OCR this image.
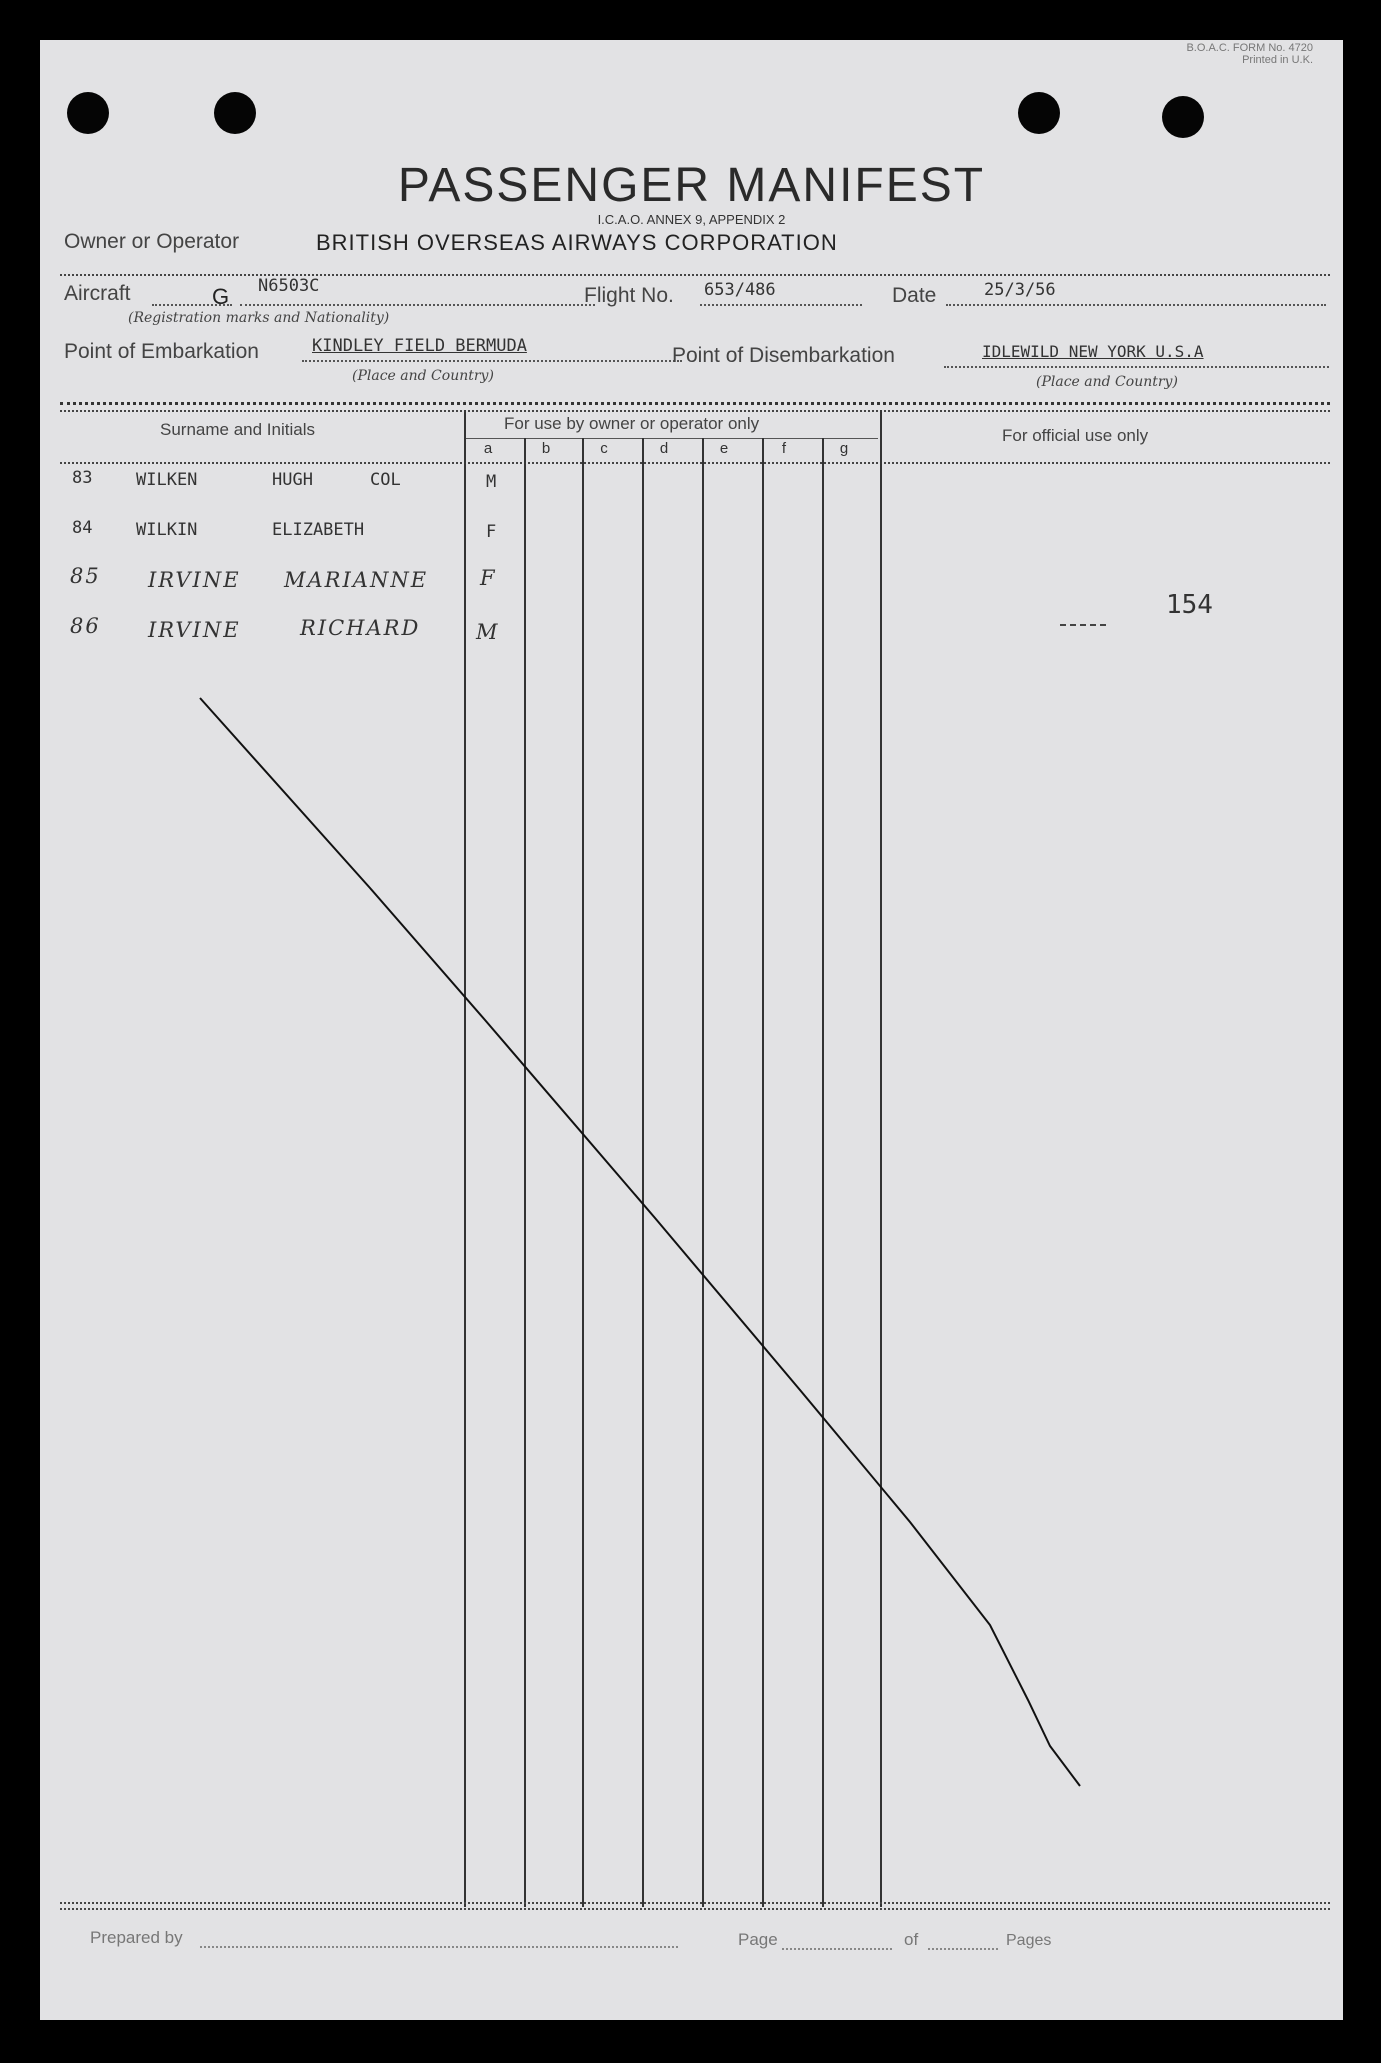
B.O.A.C. FORM No. 4720
Printed in U.K.
PASSENGER MANIFEST
I.C.A.O. ANNEX 9, APPENDIX 2
Owner or Operator	BRITISH OVERSEAS AIRWAYS CORPORATION
Aircraft	G N6503C
(Registration marks and Nationality)
Flight No. 653/486	Date	25/3/56
Point of Embarkation	KINDLEY FIELD BERMUDA
(Place and Country)
Point of Disembarkation	IDLEWILD NEW YORK U.S.A
(Place and Country)
Surname and Initials	For use by owner or operator only
For official use only
a	b	c	d	e	f	g
83	WILKEN	HUGH	COL	M
84	WILKIN	ELIZABETH	F
85 IRVINE MARIANNE F
86 IRVINE	RICHARD	M
154
Prepared by	Page	of	Pages
